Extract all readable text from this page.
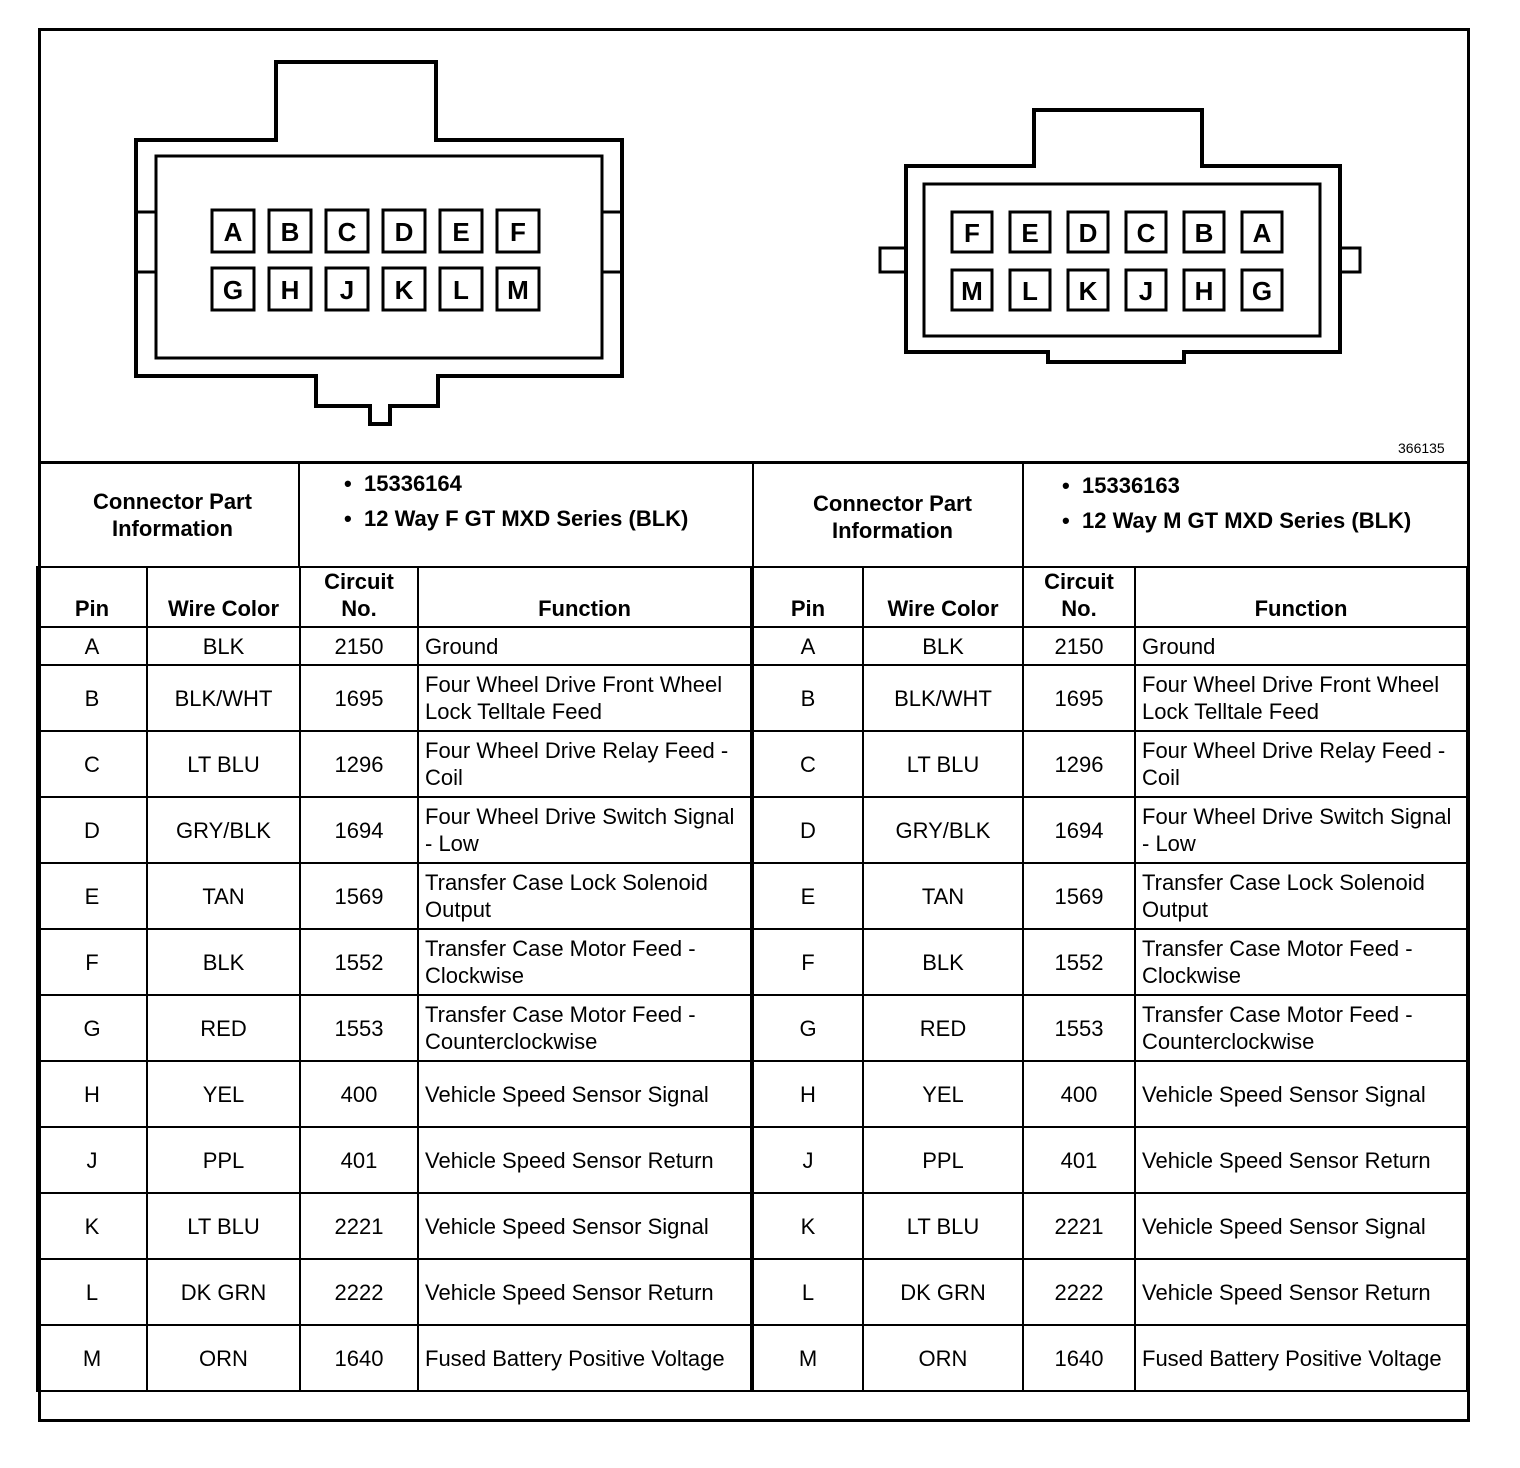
A B C D E F
G H J K L M
F E D C B A
M L K J H G
366135
Connector Part Information
• 15336164
• 12 Way F GT MXD Series (BLK)
Connector Part Information
• 15336163
• 12 Way M GT MXD Series (BLK)
Pin	Wire Color	Circuit No.	Function
A	BLK	2150	Ground
B	BLK/WHT	1695	Four Wheel Drive Front Wheel Lock Telltale Feed
C	LT BLU	1296	Four Wheel Drive Relay Feed - Coil
D	GRY/BLK	1694	Four Wheel Drive Switch Signal - Low
E	TAN	1569	Transfer Case Lock Solenoid Output
F	BLK	1552	Transfer Case Motor Feed - Clockwise
G	RED	1553	Transfer Case Motor Feed - Counterclockwise
H	YEL	400	Vehicle Speed Sensor Signal
J	PPL	401	Vehicle Speed Sensor Return
K	LT BLU	2221	Vehicle Speed Sensor Signal
L	DK GRN	2222	Vehicle Speed Sensor Return
M	ORN	1640	Fused Battery Positive Voltage
Pin	Wire Color	Circuit No.	Function
A	BLK	2150	Ground
B	BLK/WHT	1695	Four Wheel Drive Front Wheel Lock Telltale Feed
C	LT BLU	1296	Four Wheel Drive Relay Feed - Coil
D	GRY/BLK	1694	Four Wheel Drive Switch Signal - Low
E	TAN	1569	Transfer Case Lock Solenoid Output
F	BLK	1552	Transfer Case Motor Feed - Clockwise
G	RED	1553	Transfer Case Motor Feed - Counterclockwise
H	YEL	400	Vehicle Speed Sensor Signal
J	PPL	401	Vehicle Speed Sensor Return
K	LT BLU	2221	Vehicle Speed Sensor Signal
L	DK GRN	2222	Vehicle Speed Sensor Return
M	ORN	1640	Fused Battery Positive Voltage
